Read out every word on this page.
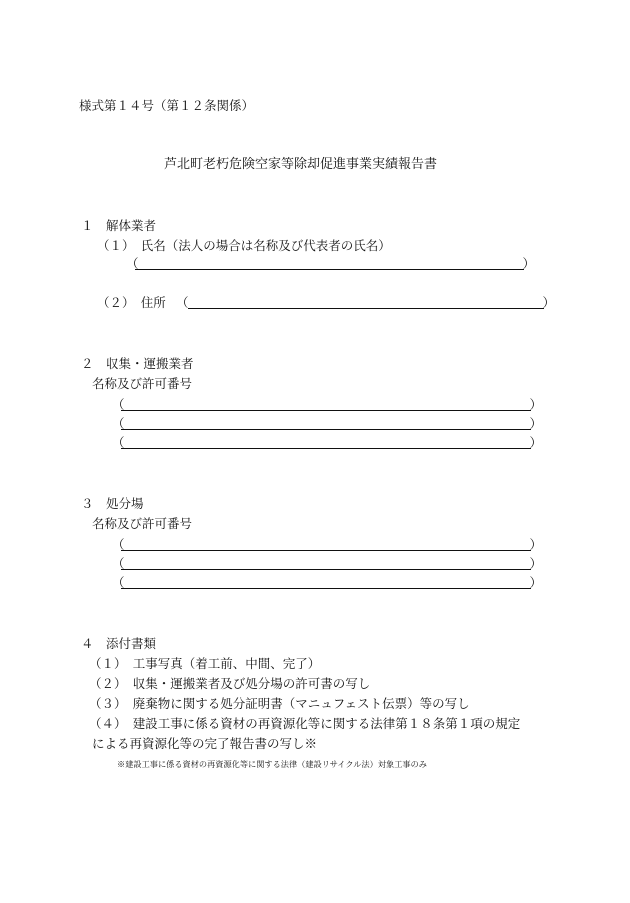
様式第１４号（第１２条関係）
芦北町老朽危険空家等除却促進事業実績報告書
１　解体業者
（１）　氏名（法人の場合は名称及び代表者の氏名）
（	）
（２）　住所 （	）
２　収集・運搬業者
名称及び許可番号
（	）
（	）
（	）
３　処分場
名称及び許可番号
（	）
（	）
（	）
４　添付書類
（１）　工事写真（着工前、中間、完了）
（２）　収集・運搬業者及び処分場の許可書の写し
（３）　廃棄物に関する処分証明書（マニュフェスト伝票）等の写し
（４）　建設工事に係る資材の再資源化等に関する法律第１８条第１項の規定
による再資源化等の完了報告書の写し※
※建設工事に係る資材の再資源化等に関する法律（建設リサイクル法）対象工事のみ
